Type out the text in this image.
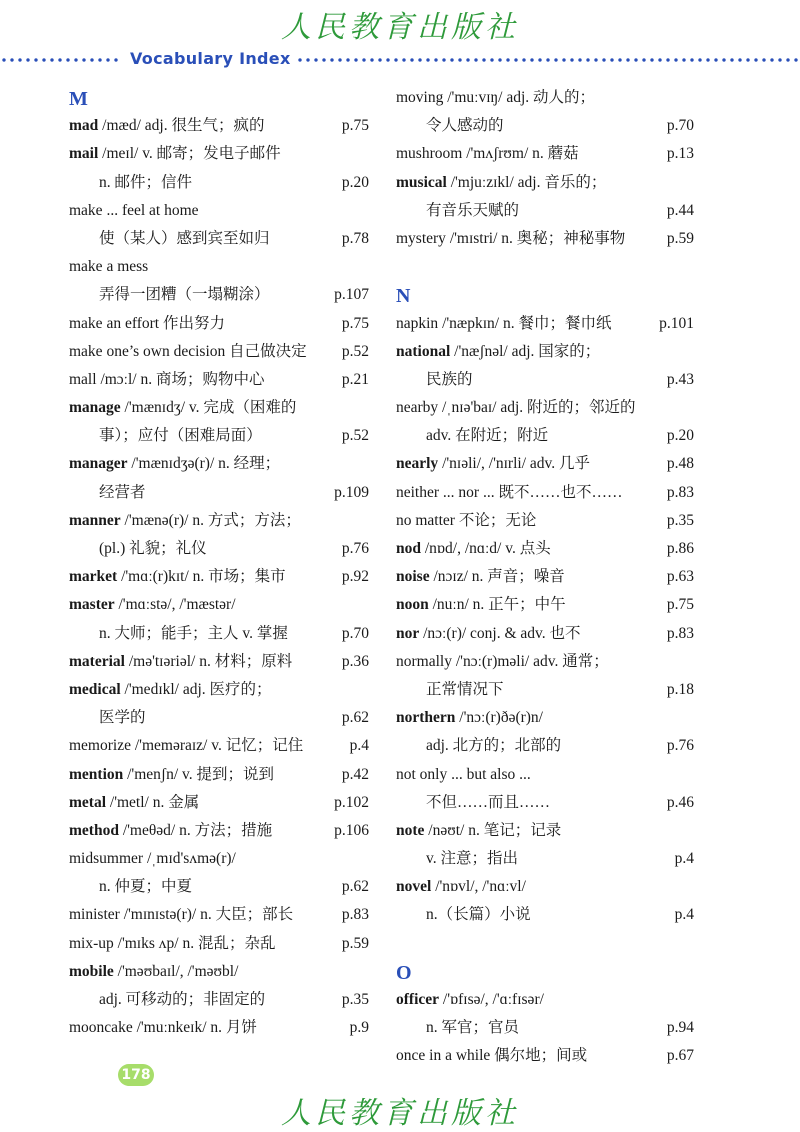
人民教育出版社
Vocabulary Index
M
mad /mæd/ adj. 很生气；疯的	p.75
mail /meɪl/ v. 邮寄；发电子邮件
n. 邮件；信件	p.20
make ... feel at home
使（某人）感到宾至如归	p.78
make a mess
弄得一团糟（一塌糊涂）	p.107
make an effort 作出努力	p.75
make one’s own decision 自己做决定 p.52
mall /mɔːl/ n. 商场；购物中心	p.21
manage /'mænɪdʒ/ v. 完成（困难的
事）；应付（困难局面）	p.52
manager /'mænɪdʒə(r)/ n. 经理；
经营者	p.109
manner /'mænə(r)/ n. 方式；方法；
(pl.) 礼貌；礼仪	p.76
market /'mɑː(r)kɪt/ n. 市场；集市	p.92
master /'mɑːstə/, /'mæstər/
n. 大师；能手；主人 v. 掌握	p.70
material /mə'tɪəriəl/ n. 材料；原料	p.36
medical /'medɪkl/ adj. 医疗的；
医学的	p.62
memorize /'meməraɪz/ v. 记忆；记住	p.4
mention /'menʃn/ v. 提到；说到	p.42
metal /'metl/ n. 金属	p.102
method /'meθəd/ n. 方法；措施	p.106
midsummer /ˌmɪd'sʌmə(r)/
n. 仲夏；中夏	p.62
minister /'mɪnɪstə(r)/ n. 大臣；部长	p.83
mix-up /'mɪks ʌp/ n. 混乱；杂乱	p.59
mobile /'məʊbaɪl/, /'məʊbl/
adj. 可移动的；非固定的	p.35
mooncake /'muːnkeɪk/ n. 月饼	p.9
moving /'muːvɪŋ/ adj. 动人的；
令人感动的	p.70
mushroom /'mʌʃrʊm/ n. 蘑菇	p.13
musical /'mjuːzɪkl/ adj. 音乐的；
有音乐天赋的	p.44
mystery /'mɪstri/ n. 奥秘；神秘事物	p.59
N
napkin /'næpkɪn/ n. 餐巾；餐巾纸	p.101
national /'næʃnəl/ adj. 国家的；
民族的	p.43
nearby /ˌnɪə'baɪ/ adj. 附近的；邻近的
adv. 在附近；附近	p.20
nearly /'nɪəli/, /'nɪrli/ adv. 几乎	p.48
neither ... nor ... 既不……也不……	p.83
no matter 不论；无论	p.35
nod /nɒd/, /nɑːd/ v. 点头	p.86
noise /nɔɪz/ n. 声音；噪音	p.63
noon /nuːn/ n. 正午；中午	p.75
nor /nɔː(r)/ conj. & adv. 也不	p.83
normally /'nɔː(r)məli/ adv. 通常；
正常情况下	p.18
northern /'nɔː(r)ðə(r)n/
adj. 北方的；北部的	p.76
not only ... but also ...
不但……而且……	p.46
note /nəʊt/ n. 笔记；记录
v. 注意；指出	p.4
novel /'nɒvl/, /'nɑːvl/
n.（长篇）小说	p.4
O
officer /'ɒfɪsə/, /'ɑːfɪsər/
n. 军官；官员	p.94
once in a while 偶尔地；间或	p.67
178
人民教育出版社
